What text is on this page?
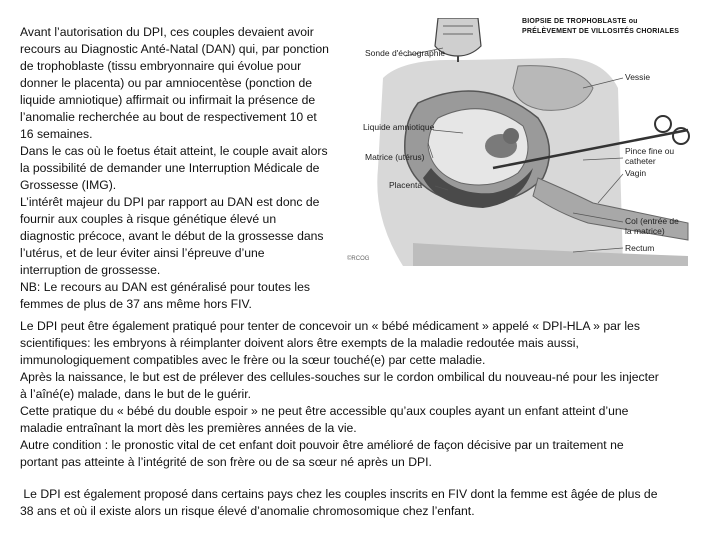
Avant l’autorisation du DPI, ces couples devaient avoir
recours au Diagnostic Anté-Natal (DAN) qui, par ponction
de trophoblaste (tissu embryonnaire qui évolue pour
donner le placenta) ou par amniocentèse (ponction de
liquide amniotique) affirmait ou infirmait la présence de
l’anomalie recherchée au bout de respectivement 10 et
16 semaines.
Dans le cas où le foetus était atteint, le couple avait alors
la possibilité de demander une Interruption Médicale de
Grossesse (IMG).
L’intérêt majeur du DPI par rapport au DAN est donc de
fournir aux couples à risque génétique élevé un
diagnostic précoce, avant le début de la grossesse dans
l’utérus, et de leur éviter ainsi l’épreuve d’une
interruption de grossesse.
NB: Le recours au DAN est généralisé pour toutes les
femmes de plus de 37 ans même hors FIV.
BIOPSIE DE TROPHOBLASTE ou
PRÉLÈVEMENT DE VILLOSITÉS CHORIALES
Sonde d'échographie
Vessie
Liquide amniotique
Matrice (utérus)
Pince fine ou
catheter
Placenta
Vagin
Col (entrée de
la matrice)
Rectum
©RCOG
Le DPI peut être également pratiqué pour tenter de concevoir un « bébé médicament » appelé « DPI-HLA » par les
scientifiques: les embryons à réimplanter doivent alors être exempts de la maladie redoutée mais aussi,
immunologiquement compatibles avec le frère ou la sœur touché(e) par cette maladie.
Après la naissance, le but est de prélever des cellules-souches sur le cordon ombilical du nouveau-né pour les injecter
à l’aîné(e) malade, dans le but de le guérir.
Cette pratique du « bébé du double espoir » ne peut être accessible qu’aux couples ayant un enfant atteint d’une
maladie entraînant la mort dès les premières années de la vie.
Autre condition : le pronostic vital de cet enfant doit pouvoir être amélioré de façon décisive par un traitement ne
portant pas atteinte à l’intégrité de son frère ou de sa sœur né après un DPI.
Le DPI est également proposé dans certains pays chez les couples inscrits en FIV dont la femme est âgée de plus de
38 ans et où il existe alors un risque élevé d’anomalie chromosomique chez l’enfant.
